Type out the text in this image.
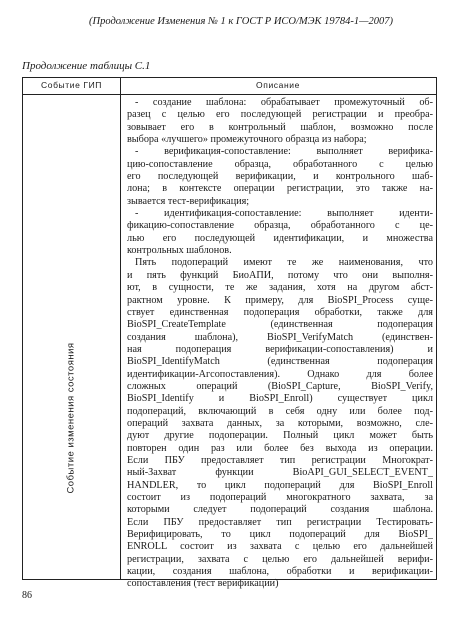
(Продолжение Изменения № 1 к ГОСТ Р ИСО/МЭК 19784-1—2007)
Продолжение таблицы С.1
Событие ГИП	Описание
Событие изменения состояния
- создание шаблона: обрабатывает промежуточный об-
разец с целью его последующей регистрации и преобра-
зовывает его в контрольный шаблон, возможно после
выбора «лучшего» промежуточного образца из набора;
- верификация-сопоставление: выполняет верифика-
цию-сопоставление образца, обработанного с целью
его последующей верификации, и контрольного шаб-
лона; в контексте операции регистрации, это также на-
зывается тест-верификация;
- идентификация-сопоставление: выполняет иденти-
фикацию-сопоставление образца, обработанного с це-
лью его последующей идентификации, и множества
контрольных шаблонов.
Пять подопераций имеют те же наименования, что
и пять функций БиоАПИ, потому что они выполня-
ют, в сущности, те же задания, хотя на другом абст-
рактном уровне. К примеру, для BioSPI_Process суще-
ствует единственная подоперация обработки, также для
BioSPI_CreateTemplate (единственная подоперация
создания шаблона), BioSPI_VerifyMatch (единствен-
ная подоперация верификации-сопоставления) и
BioSPI_IdentifyMatch (единственная подоперация
идентификации-Агсопоставления). Однако для более
сложных операций (BioSPI_Capture, BioSPI_Verify,
BioSPI_Identify и BioSPI_Enroll) существует цикл
подопераций, включающий в себя одну или более под-
операций захвата данных, за которыми, возможно, сле-
дуют другие подоперации. Полный цикл может быть
повторен один раз или более без выхода из операции.
Если ПБУ предоставляет тип регистрации Многократ-
ный-Захват функции BioAPI_GUI_SELECT_EVENT_
HANDLER, то цикл подопераций для BioSPI_Enroll
состоит из подопераций многократного захвата, за
которыми следует подопераций создания шаблона.
Если ПБУ предоставляет тип регистрации Тестировать-
Верифицировать, то цикл подопераций для BioSPI_
ENROLL состоит из захвата с целью его дальнейшей
регистрации, захвата с целью его дальнейшей верифи-
кации, создания шаблона, обработки и верификации-
сопоставления (тест верификации)
86
